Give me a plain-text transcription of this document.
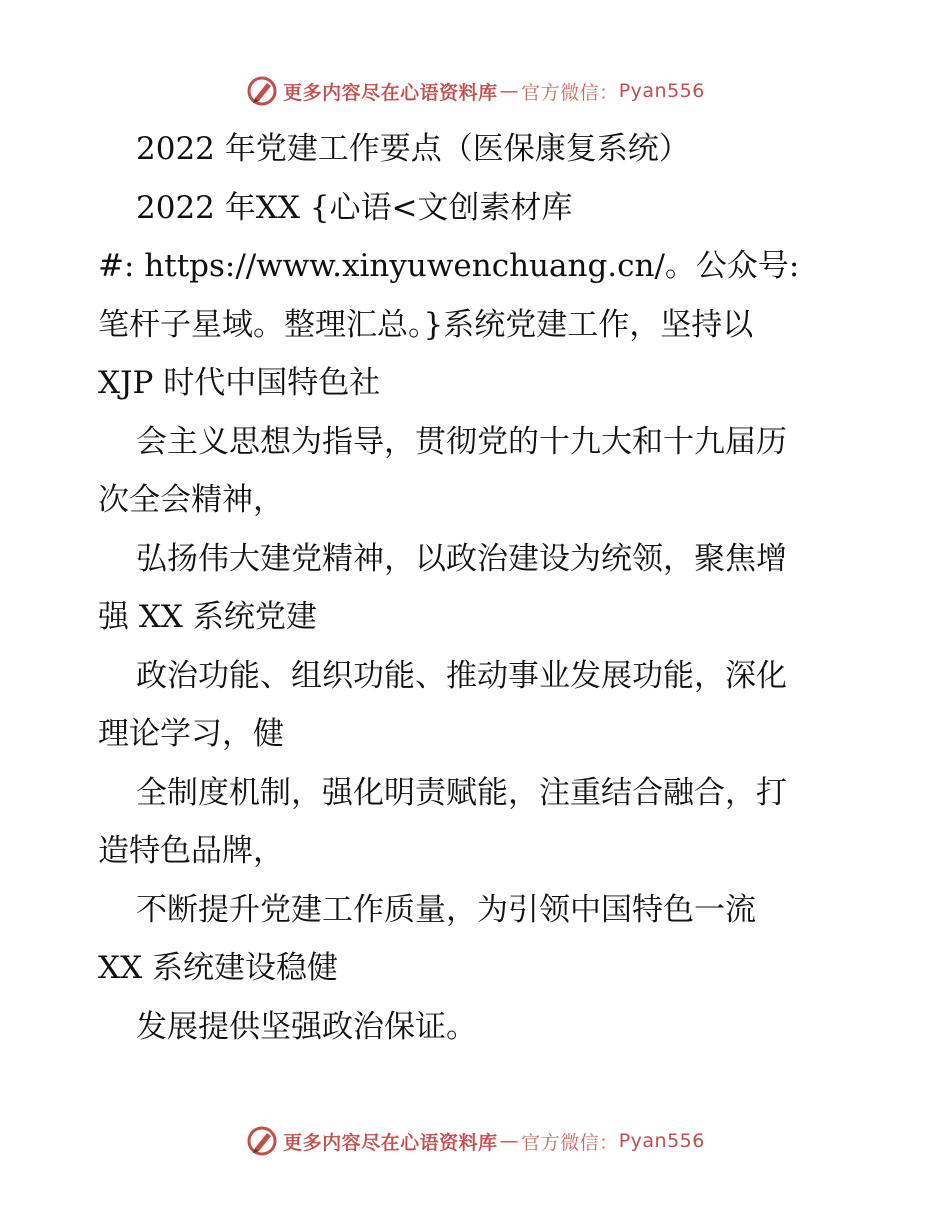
更多内容尽在心语资料库 — 官方微信： Pyan556
2022 年党建工作要点（医保康复系统）
2022 年XX {心语<文创素材库
#: https://www.xinyuwenchuang.cn/。公众号:
笔杆子星域。整理汇总。}系统党建工作，坚持以
XJP 时代中国特色社
会主义思想为指导，贯彻党的十九大和十九届历
次全会精神，
弘扬伟大建党精神，以政治建设为统领，聚焦增
强 XX 系统党建
政治功能、组织功能、推动事业发展功能，深化
理论学习，健
全制度机制，强化明责赋能，注重结合融合，打
造特色品牌，
不断提升党建工作质量，为引领中国特色一流
XX 系统建设稳健
发展提供坚强政治保证。
更多内容尽在心语资料库 — 官方微信： Pyan556
